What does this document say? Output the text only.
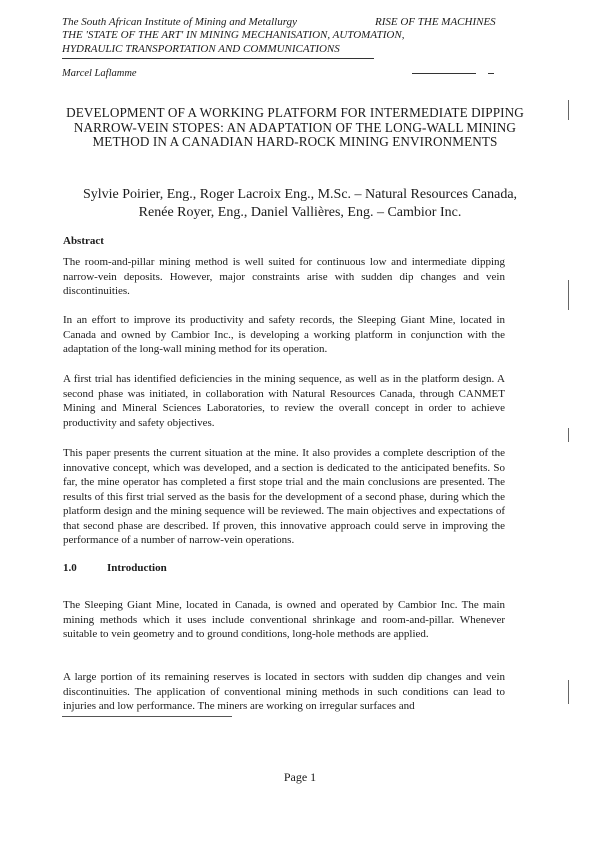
The South African Institute of Mining and Metallurgy	RISE OF THE MACHINES
THE 'STATE OF THE ART' IN MINING MECHANISATION, AUTOMATION,
HYDRAULIC TRANSPORTATION AND COMMUNICATIONS
Marcel Laflamme
DEVELOPMENT OF A WORKING PLATFORM FOR INTERMEDIATE DIPPING NARROW-VEIN STOPES: AN ADAPTATION OF THE LONG-WALL MINING METHOD IN A CANADIAN HARD-ROCK MINING ENVIRONMENTS
Sylvie Poirier, Eng., Roger Lacroix Eng., M.Sc. – Natural Resources Canada,
Renée Royer, Eng., Daniel Vallières, Eng. – Cambior Inc.
Abstract
The room-and-pillar mining method is well suited for continuous low and intermediate dipping narrow-vein deposits. However, major constraints arise with sudden dip changes and vein discontinuities.
In an effort to improve its productivity and safety records, the Sleeping Giant Mine, located in Canada and owned by Cambior Inc., is developing a working platform in conjunction with the adaptation of the long-wall mining method for its operation.
A first trial has identified deficiencies in the mining sequence, as well as in the platform design. A second phase was initiated, in collaboration with Natural Resources Canada, through CANMET Mining and Mineral Sciences Laboratories, to review the overall concept in order to achieve productivity and safety objectives.
This paper presents the current situation at the mine. It also provides a complete description of the innovative concept, which was developed, and a section is dedicated to the anticipated benefits. So far, the mine operator has completed a first stope trial and the main conclusions are presented. The results of this first trial served as the basis for the development of a second phase, during which the platform design and the mining sequence will be reviewed. The main objectives and expectations of that second phase are described. If proven, this innovative approach could serve in improving the performance of a number of narrow-vein operations.
1.0	Introduction
The Sleeping Giant Mine, located in Canada, is owned and operated by Cambior Inc. The main mining methods which it uses include conventional shrinkage and room-and-pillar. Whenever suitable to vein geometry and to ground conditions, long-hole methods are applied.
A large portion of its remaining reserves is located in sectors with sudden dip changes and vein discontinuities. The application of conventional mining methods in such conditions can lead to injuries and low performance. The miners are working on irregular surfaces and
Page 1
